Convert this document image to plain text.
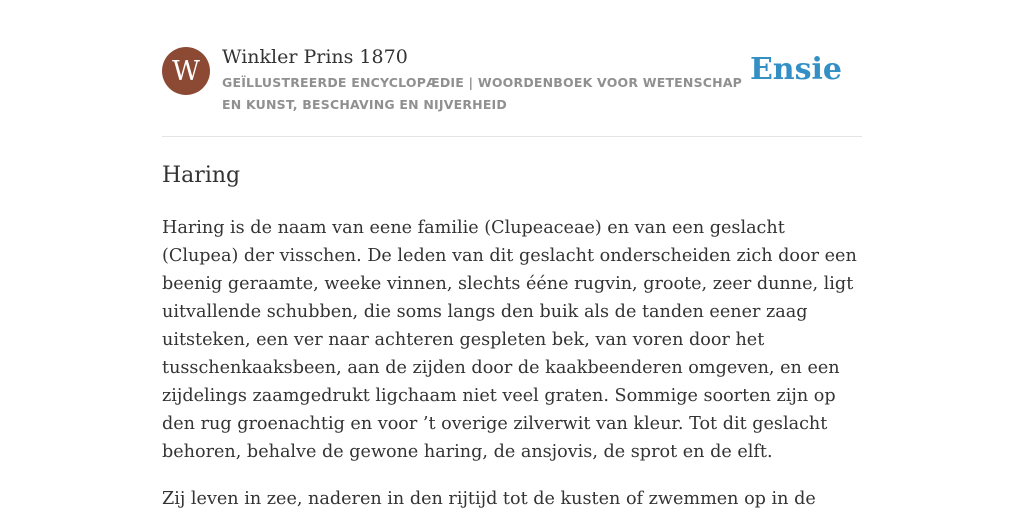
W	Winkler Prins 1870
GEÏLLUSTREERDE ENCYCLOPÆDIE | WOORDENBOEK VOOR WETENSCHAP EN KUNST, BESCHAVING EN NIJVERHEID
Ensie
Haring

Haring is de naam van eene familie (Clupeaceae) en van een geslacht (Clupea) der visschen. De leden van dit geslacht onderscheiden zich door een beenig geraamte, weeke vinnen, slechts ééne rugvin, groote, zeer dunne, ligt uitvallende schubben, die soms langs den buik als de tanden eener zaag uitsteken, een ver naar achteren gespleten bek, van voren door het tusschenkaaksbeen, aan de zijden door de kaakbeenderen omgeven, en een zijdelings zaamgedrukt ligchaam niet veel graten. Sommige soorten zijn op den rug groenachtig en voor ’t overige zilverwit van kleur. Tot dit geslacht behoren, behalve de gewone haring, de ansjovis, de sprot en de elft.

Zij leven in zee, naderen in den rijtijd tot de kusten of zwemmen op in de
